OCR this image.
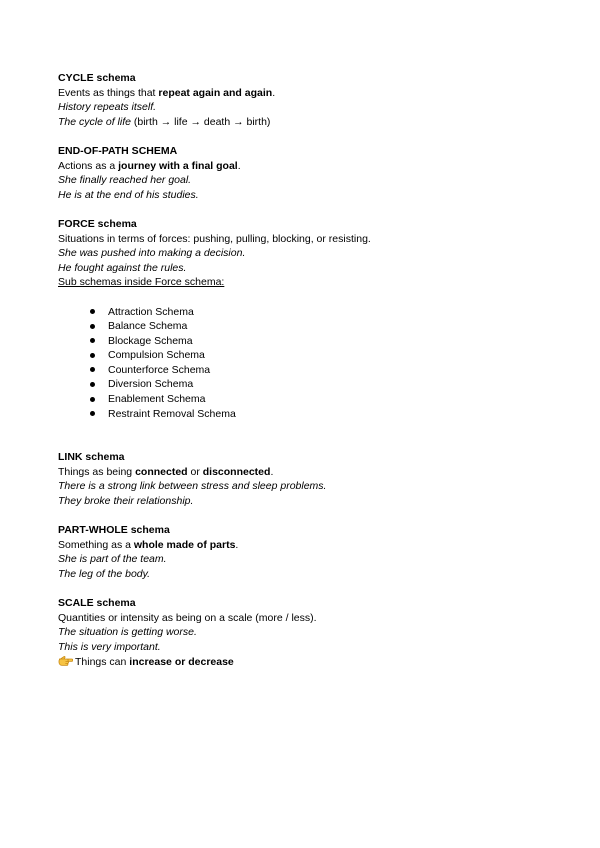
CYCLE schema
Events as things that repeat again and again.
History repeats itself.
The cycle of life (birth → life → death → birth)
END-OF-PATH SCHEMA
Actions as a journey with a final goal.
She finally reached her goal.
He is at the end of his studies.
FORCE schema
Situations in terms of forces: pushing, pulling, blocking, or resisting.
She was pushed into making a decision.
He fought against the rules.
Sub schemas inside Force schema:
Attraction Schema
Balance Schema
Blockage Schema
Compulsion Schema
Counterforce Schema
Diversion Schema
Enablement Schema
Restraint Removal Schema
LINK schema
Things as being connected or disconnected.
There is a strong link between stress and sleep problems.
They broke their relationship.
PART-WHOLE schema
Something as a whole made of parts.
She is part of the team.
The leg of the body.
SCALE schema
Quantities or intensity as being on a scale (more / less).
The situation is getting worse.
This is very important.
Things can increase or decrease
